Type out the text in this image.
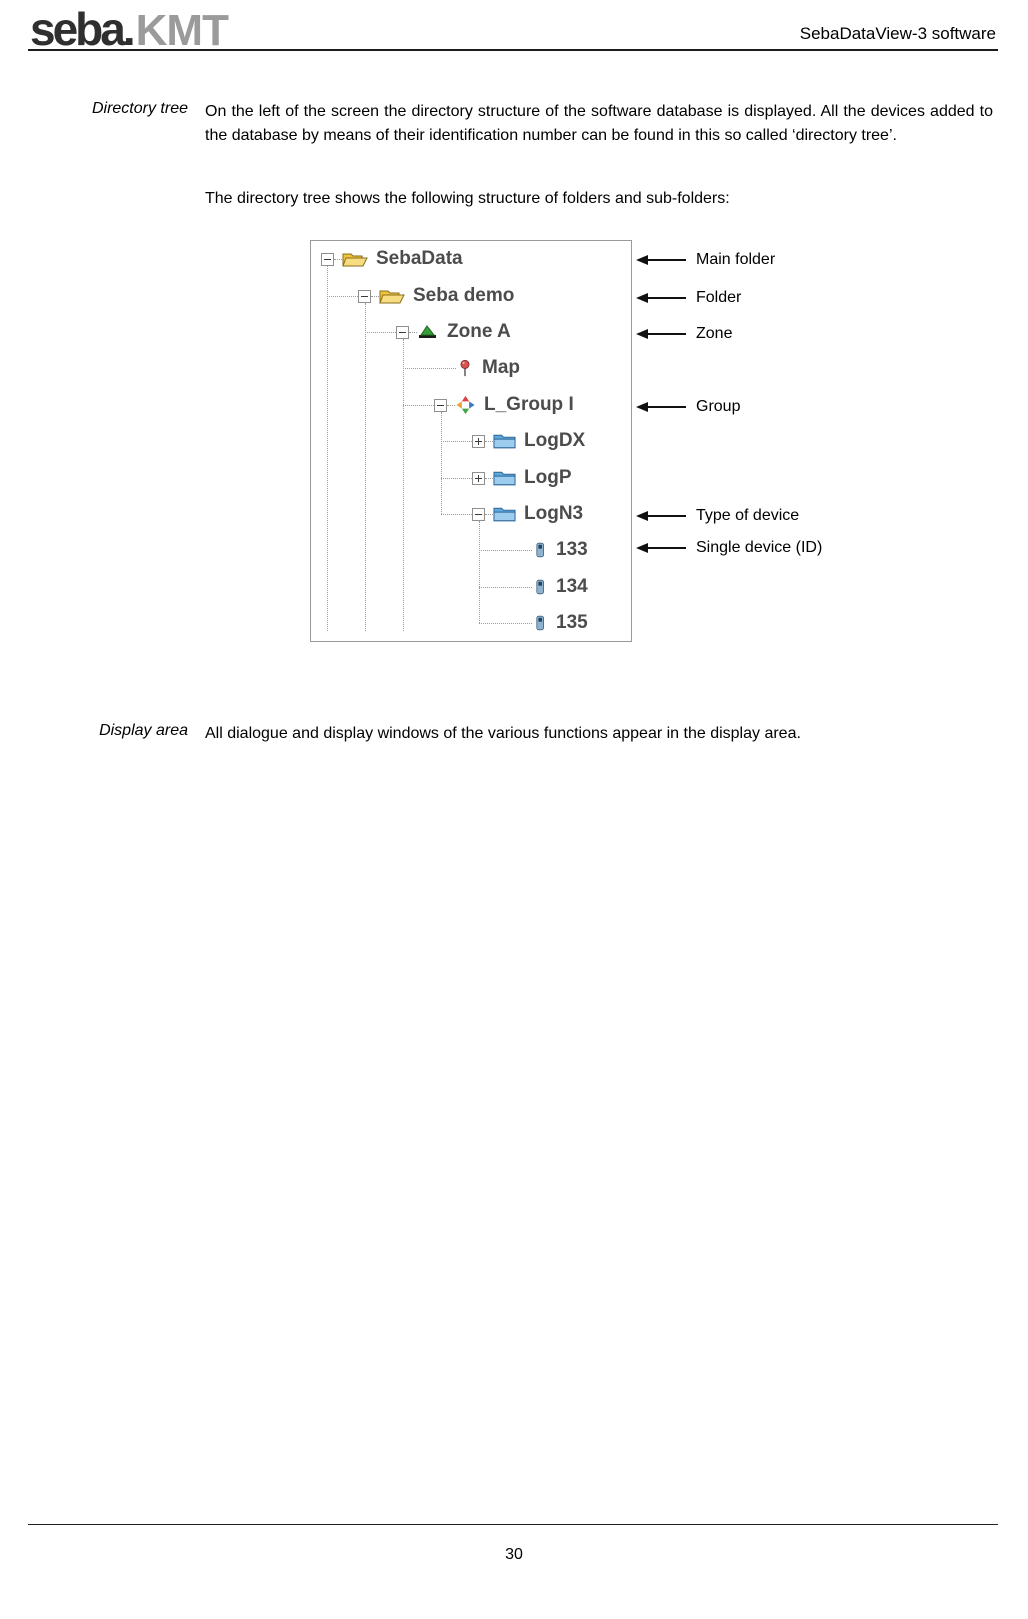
seba.KMT	SebaDataView-3 software
Directory tree On the left of the screen the directory structure of the software database is displayed. All the devices added to the database by means of their identification number can be found in this so called ‘directory tree’.
The directory tree shows the following structure of folders and sub-folders:
SebaData
Seba demo
Zone A
Map
L_Group I
LogDX
LogP
LogN3
133
134
135
Main folder
Folder
Zone
Group
Type of device
Single device (ID)
Display area All dialogue and display windows of the various functions appear in the display area.
30
